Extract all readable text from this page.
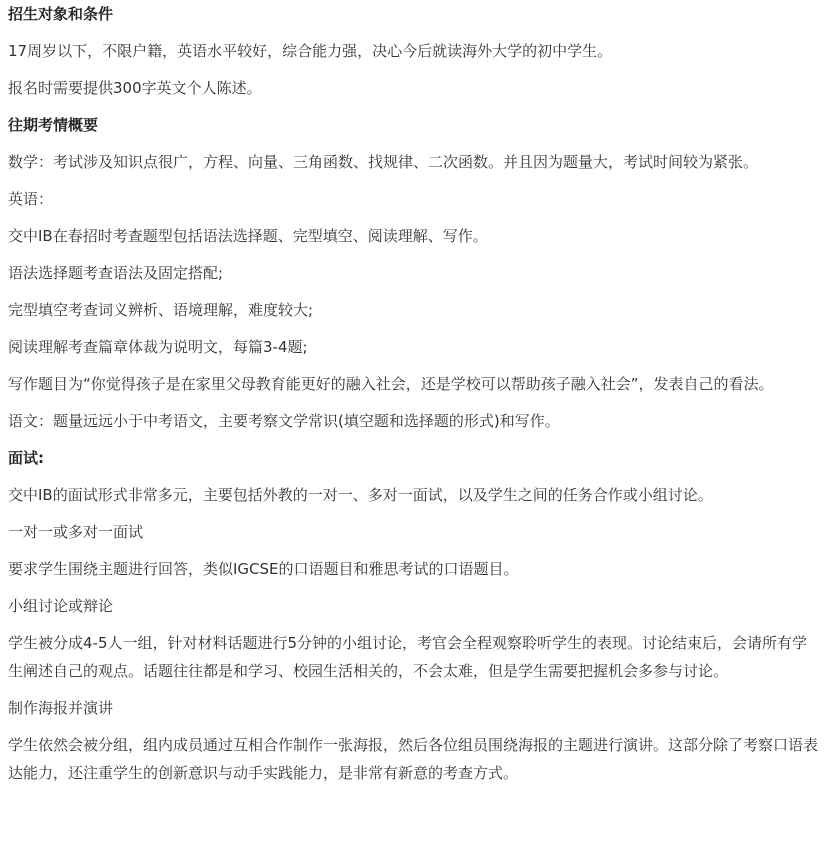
招生对象和条件

17周岁以下，不限户籍，英语水平较好，综合能力强，决心今后就读海外大学的初中学生。

报名时需要提供300字英文个人陈述。

往期考情概要

数学：考试涉及知识点很广，方程、向量、三角函数、找规律、二次函数。并且因为题量大，考试时间较为紧张。

英语：

交中IB在春招时考查题型包括语法选择题、完型填空、阅读理解、写作。

语法选择题考查语法及固定搭配;

完型填空考查词义辨析、语境理解，难度较大;

阅读理解考查篇章体裁为说明文，每篇3-4题;

写作题目为“你觉得孩子是在家里父母教育能更好的融入社会，还是学校可以帮助孩子融入社会”，发表自己的看法。

语文：题量远远小于中考语文，主要考察文学常识(填空题和选择题的形式)和写作。

面试:

交中IB的面试形式非常多元，主要包括外教的一对一、多对一面试，以及学生之间的任务合作或小组讨论。

一对一或多对一面试

要求学生围绕主题进行回答，类似IGCSE的口语题目和雅思考试的口语题目。

小组讨论或辩论

学生被分成4-5人一组，针对材料话题进行5分钟的小组讨论，考官会全程观察聆听学生的表现。讨论结束后，会请所有学生阐述自己的观点。话题往往都是和学习、校园生活相关的，不会太难，但是学生需要把握机会多参与讨论。

制作海报并演讲

学生依然会被分组，组内成员通过互相合作制作一张海报，然后各位组员围绕海报的主题进行演讲。这部分除了考察口语表达能力，还注重学生的创新意识与动手实践能力，是非常有新意的考查方式。
